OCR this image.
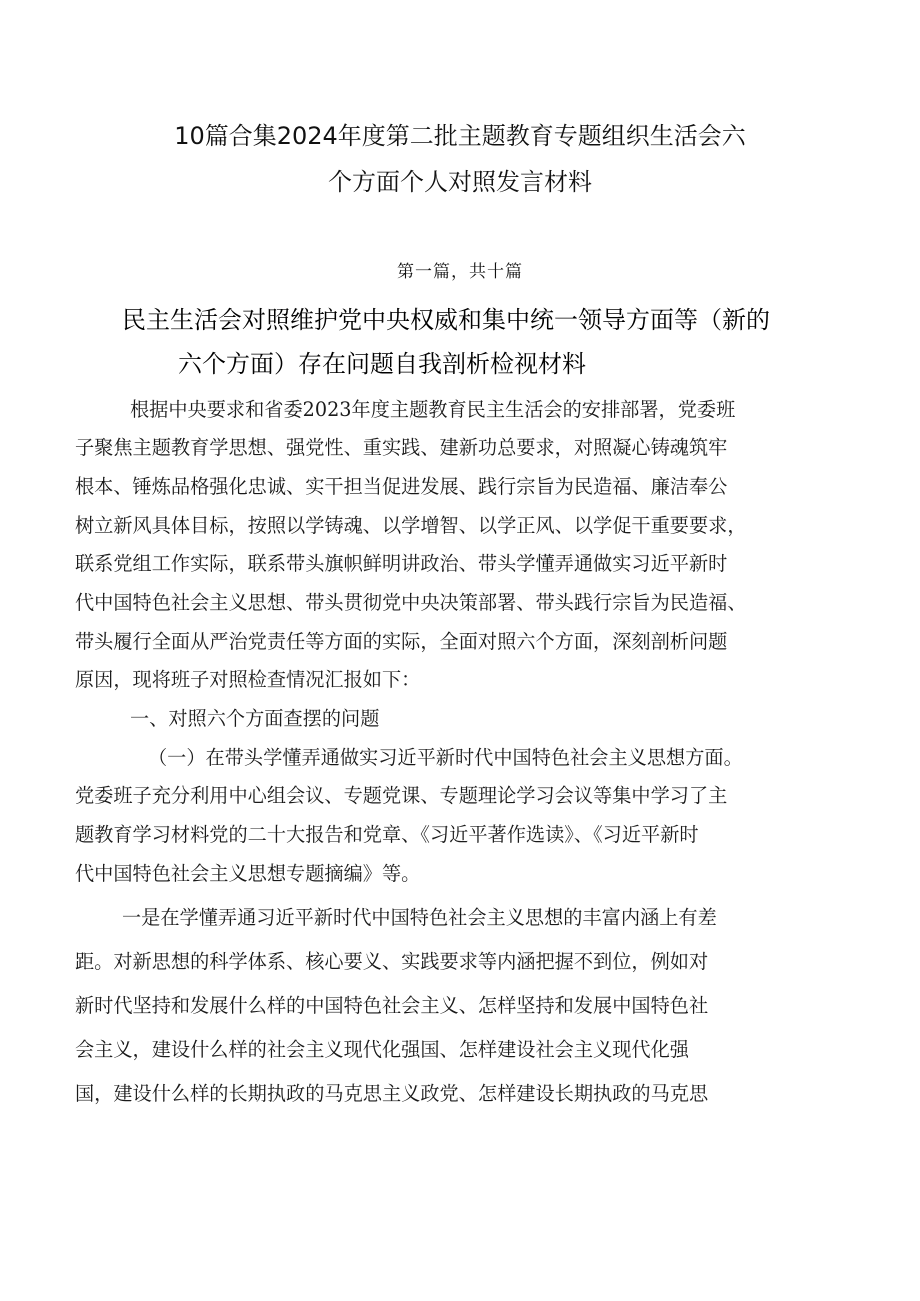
10篇合集2024年度第二批主题教育专题组织生活会六
个方面个人对照发言材料
第一篇，共十篇
民主生活会对照维护党中央权威和集中统一领导方面等（新的
六个方面）存在问题自我剖析检视材料
根据中央要求和省委2023年度主题教育民主生活会的安排部署，党委班
子聚焦主题教育学思想、强党性、重实践、建新功总要求，对照凝心铸魂筑牢
根本、锤炼品格强化忠诚、实干担当促进发展、践行宗旨为民造福、廉洁奉公
树立新风具体目标，按照以学铸魂、以学增智、以学正风、以学促干重要要求，
联系党组工作实际，联系带头旗帜鲜明讲政治、带头学懂弄通做实习近平新时
代中国特色社会主义思想、带头贯彻党中央决策部署、带头践行宗旨为民造福、
带头履行全面从严治党责任等方面的实际，全面对照六个方面，深刻剖析问题
原因，现将班子对照检查情况汇报如下：
一、对照六个方面查摆的问题
（一）在带头学懂弄通做实习近平新时代中国特色社会主义思想方面。
党委班子充分利用中心组会议、专题党课、专题理论学习会议等集中学习了主
题教育学习材料党的二十大报告和党章、《习近平著作选读》、《习近平新时
代中国特色社会主义思想专题摘编》等。
一是在学懂弄通习近平新时代中国特色社会主义思想的丰富内涵上有差
距。对新思想的科学体系、核心要义、实践要求等内涵把握不到位，例如对
新时代坚持和发展什么样的中国特色社会主义、怎样坚持和发展中国特色社
会主义，建设什么样的社会主义现代化强国、怎样建设社会主义现代化强
国，建设什么样的长期执政的马克思主义政党、怎样建设长期执政的马克思
